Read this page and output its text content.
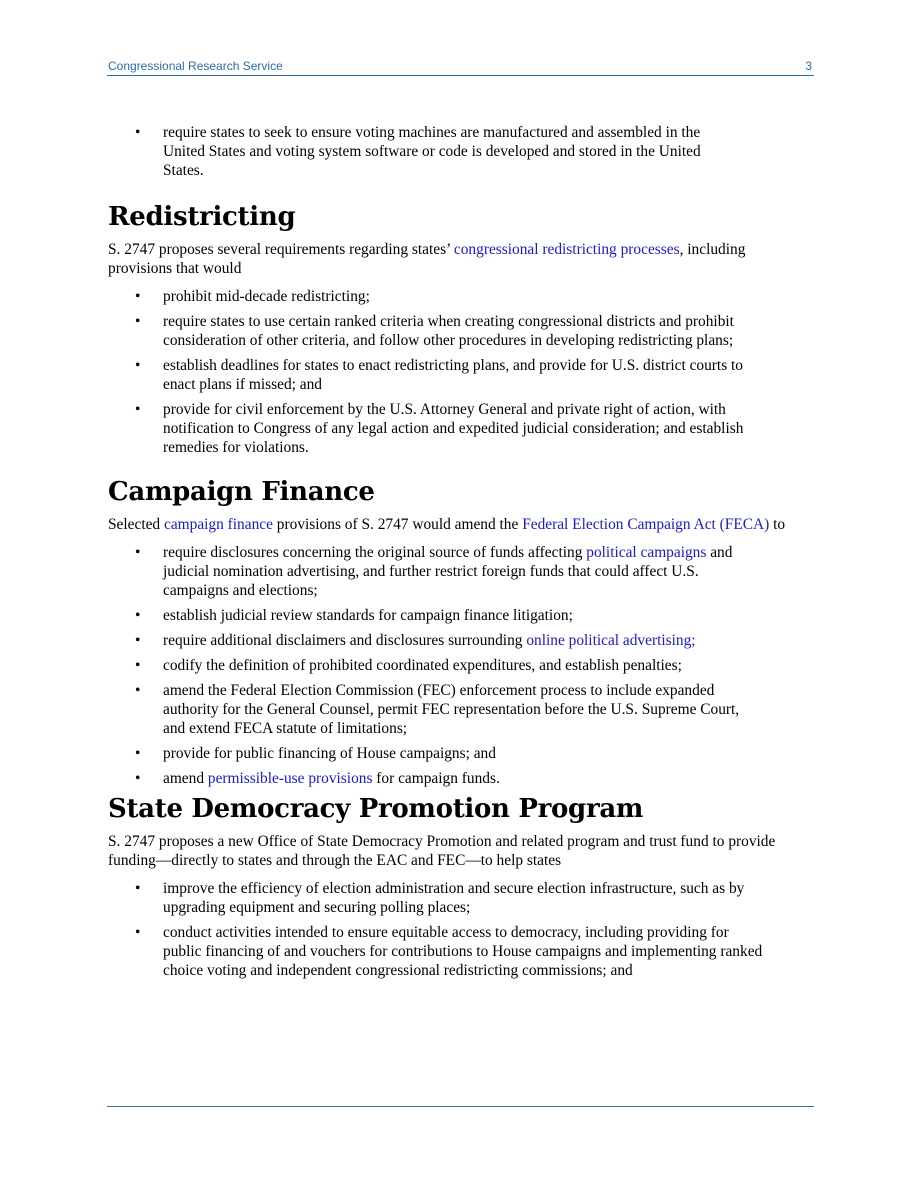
Congressional Research Service	3
• require states to seek to ensure voting machines are manufactured and assembled in the United States and voting system software or code is developed and stored in the United States.
Redistricting

S. 2747 proposes several requirements regarding states’ congressional redistricting processes, including provisions that would

• prohibit mid-decade redistricting;
• require states to use certain ranked criteria when creating congressional districts and prohibit consideration of other criteria, and follow other procedures in developing redistricting plans;
• establish deadlines for states to enact redistricting plans, and provide for U.S. district courts to enact plans if missed; and
• provide for civil enforcement by the U.S. Attorney General and private right of action, with notification to Congress of any legal action and expedited judicial consideration; and establish remedies for violations.
Campaign Finance

Selected campaign finance provisions of S. 2747 would amend the Federal Election Campaign Act (FECA) to

• require disclosures concerning the original source of funds affecting political campaigns and judicial nomination advertising, and further restrict foreign funds that could affect U.S. campaigns and elections;
• establish judicial review standards for campaign finance litigation;
• require additional disclaimers and disclosures surrounding online political advertising;
• codify the definition of prohibited coordinated expenditures, and establish penalties;
• amend the Federal Election Commission (FEC) enforcement process to include expanded authority for the General Counsel, permit FEC representation before the U.S. Supreme Court, and extend FECA statute of limitations;
• provide for public financing of House campaigns; and
• amend permissible-use provisions for campaign funds.
State Democracy Promotion Program

S. 2747 proposes a new Office of State Democracy Promotion and related program and trust fund to provide funding—directly to states and through the EAC and FEC—to help states

• improve the efficiency of election administration and secure election infrastructure, such as by upgrading equipment and securing polling places;
• conduct activities intended to ensure equitable access to democracy, including providing for public financing of and vouchers for contributions to House campaigns and implementing ranked choice voting and independent congressional redistricting commissions; and
